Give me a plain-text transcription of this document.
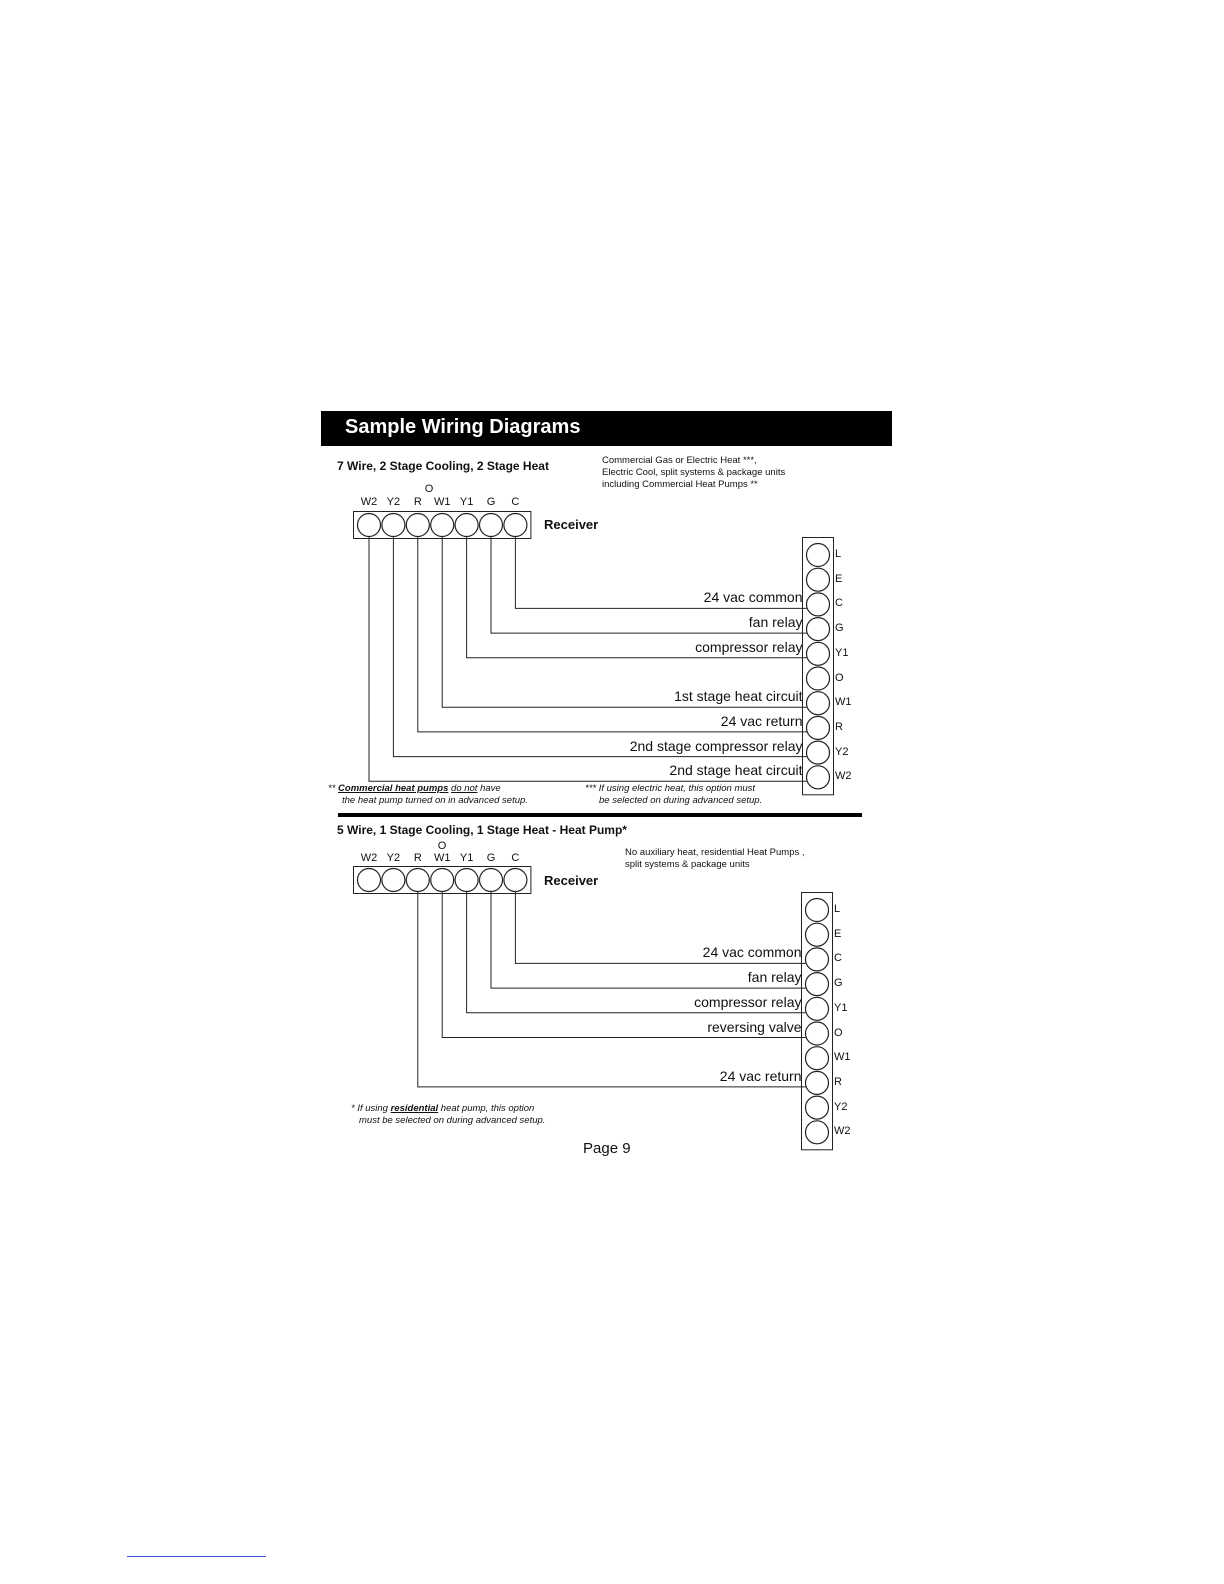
Sample Wiring Diagrams
7 Wire, 2 Stage Cooling, 2 Stage Heat	Commercial Gas or Electric Heat ***,
Electric Cool, split systems & package units
including Commercial Heat Pumps **
O
Receiver
5 Wire, 1 Stage Cooling, 1 Stage Heat - Heat Pump*
No auxiliary heat, residential Heat Pumps ,
split systems & package units
O
Receiver
** Commercial heat pumps do not have
the heat pump turned on in advanced setup.
*** If using electric heat, this option must
be selected on during advanced setup.
* If using residential heat pump, this option
must be selected on during advanced setup.
Page 9
W2 Y2	R	W1 Y1	G	C
L
E
C
G
Y1
O
W1
R
Y2
W2
24 vac common
fan relay
compressor relay
1st stage heat circuit
24 vac return
2nd stage compressor relay
2nd stage heat circuit
W2 Y2	R	W1 Y1	G	C
L
E
C
G
Y1
O
W1
R
Y2
W2
24 vac common
fan relay
compressor relay
reversing valve
24 vac return
